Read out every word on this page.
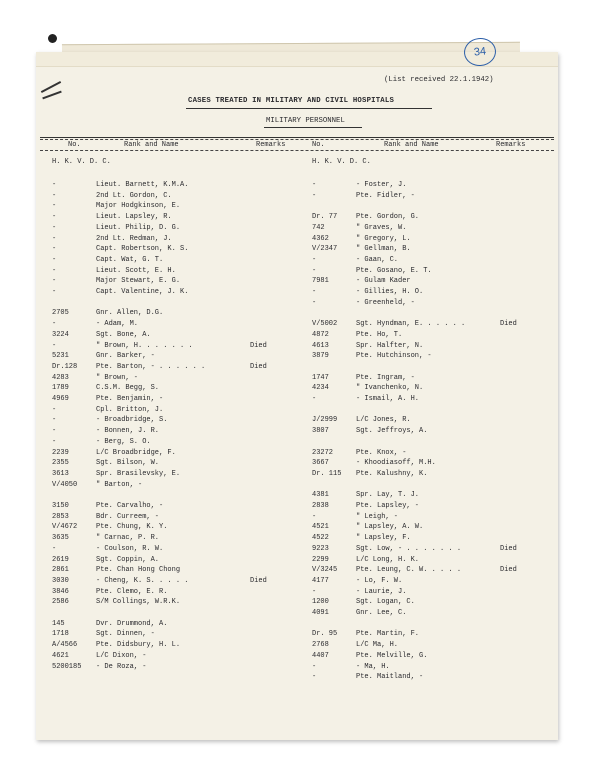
(List received 22.1.1942)
CASES TREATED IN MILITARY AND CIVIL HOSPITALS
MILITARY PERSONNEL
34
No.	Rank and Name	Remarks	No.	Rank and Name	Remarks
H. K. V. D. C.	H. K. V. D. C.
-	Lieut. Barnett, K.M.A.
-	2nd Lt. Gordon, C.
-	Major Hodgkinson, E.
-	Lieut. Lapsley, R.
-	Lieut. Philip, D. G.
-	2nd Lt. Redman, J.
-	Capt. Robertson, K. S.
-	Capt. Wat, G. T.
-	Lieut. Scott, E. H.
-	Major Stewart, E. G.
-	Capt. Valentine, J. K.
2705	Gnr. Allen, D.G.
-	- Adam, M.
3224	Sgt. Bone, A.
-	" Brown, H. . . . . . .	Died
5231	Gnr. Barker, -
Dr.128	Pte. Barton, - . . . . . .	Died
4283	" Brown, -
1789	C.S.M. Begg, S.
4969	Pte. Benjamin, -
-	Cpl. Britton, J.
-	- Broadbridge, S.
-	- Bonnen, J. R.
-	- Berg, S. O.
2239	L/C Broadbridge, F.
2355	Sgt. Bilson, W.
3613	Spr. Brasilevsky, E.
V/4050	" Barton, -
3150	Pte. Carvalho, -
2853	Bdr. Curreem, -
V/4672	Pte. Chung, K. Y.
3635	" Carnac, P. R.
-	- Coulson, R. W.
2619	Sgt. Coppin, A.
2861	Pte. Chan Hong Chong
3030	- Cheng, K. S. . . . .	Died
3846	Pte. Clemo, E. R.
2586	S/M Collings, W.R.K.
145	Dvr. Drummond, A.
1718	Sgt. Dinnen, -
A/4566	Pte. Didsbury, H. L.
4621	L/C Dixon, -
5200185 - De Roza, -
-	- Foster, J.
-	Pte. Fidler, -
Dr. 77	Pte. Gordon, G.
742	" Graves, W.
4362	" Gregory, L.
V/2347	" Gellman, B.
-	- Gaan, C.
-	Pte. Gosano, E. T.
7981	- Gulam Kader
-	- Gillies, H. O.
-	- Greenheld, -
V/5002	Sgt. Hyndman, E. . . . . .	Died
4872	Pte. Ho, T.
4613	Spr. Halfter, N.
3879	Pte. Hutchinson, -
1747	Pte. Ingram, -
4234	" Ivanchenko, N.
-	- Ismail, A. H.
J/2999	L/C Jones, R.
3807	Sgt. Jeffroys, A.
23272	Pte. Knox, -
3667	- Khoodiasoff, M.H.
Dr. 115 Pte. Kalushny, K.
4381	Spr. Lay, T. J.
2838	Pte. Lapsley, -
-	" Leigh, -
4521	" Lapsley, A. W.
4522	" Lapsley, F.
9223	Sgt. Low, - . . . . . . .	Died
2299	L/C Long, H. K.
V/3245	Pte. Leung, C. W. . . . .	Died
4177	- Lo, F. W.
-	- Laurie, J.
1200	Sgt. Logan, C.
4091	Gnr. Lee, C.
Dr. 95	Pte. Martin, F.
2768	L/C Ma, H.
4407	Pte. Melville, G.
-	- Ma, H.
-	Pte. Maitland, -
